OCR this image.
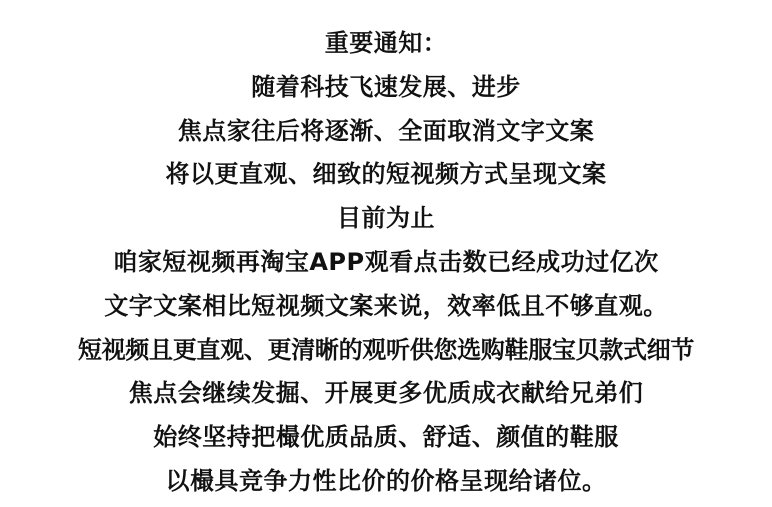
重要通知：
随着科技飞速发展、进步
焦点家往后将逐渐、全面取消文字文案
将以更直观、细致的短视频方式呈现文案
目前为止
咱家短视频再淘宝APP观看点击数已经成功过亿次
文字文案相比短视频文案来说，效率低且不够直观。
短视频且更直观、更清晰的观听供您选购鞋服宝贝款式细节
焦点会继续发掘、开展更多优质成衣献给兄弟们
始终坚持把樶优质品质、舒适、颜值的鞋服
以樶具竞争力性比价的价格呈现给诸位。
